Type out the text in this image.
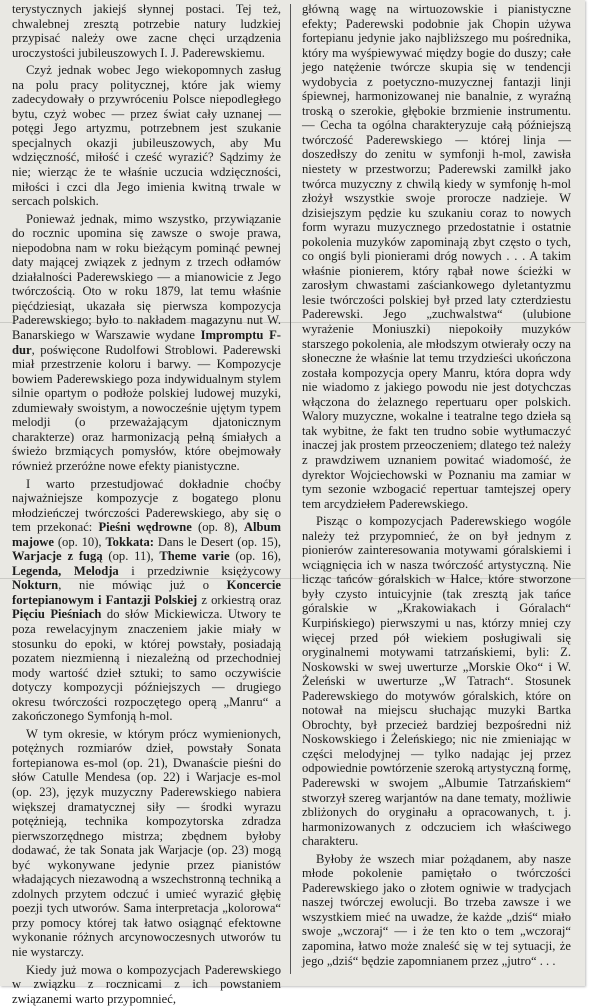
terystycznych jakiejś słynnej postaci. Tej też, chwalebnej zresztą potrzebie natury ludzkiej przypisać należy owe zacne chęci urządzenia uroczystości jubileuszowych I. J. Paderewskiemu.

Czyż jednak wobec Jego wiekopomnych zasług na polu pracy politycznej, które jak wiemy zadecydowały o przywróceniu Polsce niepodległego bytu, czyż wobec — przez świat cały uznanej — potęgi Jego artyzmu, potrzebnem jest szukanie specjalnych okazji jubileuszowych, aby Mu wdzięczność, miłość i cześć wyrazić? Sądzimy że nie; wierząc że te właśnie uczucia wdzięczności, miłości i czci dla Jego imienia kwitną trwale w sercach polskich.

Ponieważ jednak, mimo wszystko, przywiązanie do rocznic upomina się zawsze o swoje prawa, niepodobna nam w roku bieżącym pominąć pewnej daty mającej związek z jednym z trzech odłamów działalności Paderewskiego — a mianowicie z Jego twórczością. Oto w roku 1879, lat temu właśnie pięćdziesiąt, ukazała się pierwsza kompozycja Paderewskiego; było to nakładem magazynu nut W. Banarskiego w Warszawie wydane Impromptu F-dur, poświęcone Rudolfowi Stroblowi. Paderewski miał przestrzenie koloru i barwy. — Kompozycje bowiem Paderewskiego poza indywidualnym stylem silnie opartym o podłoże polskiej ludowej muzyki, zdumiewały swoistym, a nowocześnie ujętym typem melodji (o przeważającym djatonicznym charakterze) oraz harmonizacją pełną śmiałych a świeżo brzmiących pomysłów, które obejmowały również przeróżne nowe efekty pianistyczne.

I warto przestudjować dokładnie choćby najważniejsze kompozycje z bogatego plonu młodzieńczej twórczości Paderewskiego, aby się o tem przekonać: Pieśni wędrowne (op. 8), Album majowe (op. 10), Tokkata: Dans le Desert (op. 15), Warjacje z fugą (op. 11), Theme varie (op. 16), Legenda, Melodja i przedziwnie księżycowy Nokturn, nie mówiąc już o Koncercie fortepianowym i Fantazji Polskiej z orkiestrą oraz Pięciu Pieśniach do słów Mickiewicza. Utwory te poza rewelacyjnym znaczeniem jakie miały w stosunku do epoki, w której powstały, posiadają pozatem niezmienną i niezależną od przechodniej mody wartość dzieł sztuki; to samo oczywiście dotyczy kompozycji późniejszych — drugiego okresu twórczości rozpoczętego operą „Manru“ a zakończonego Symfonją h-mol.

W tym okresie, w którym prócz wymienionych, potężnych rozmiarów dzieł, powstały Sonata fortepianowa es-mol (op. 21), Dwanaście pieśni do słów Catulle Mendesa (op. 22) i Warjacje es-mol (op. 23), język muzyczny Paderewskiego nabiera większej dramatycznej siły — środki wyrazu potężnieją, technika kompozytorska zdradza pierwszorzędnego mistrza; zbędnem byłoby dodawać, że tak Sonata jak Warjacje (op. 23) mogą być wykonywane jedynie przez pianistów władających niezawodną a wszechstronną techniką a zdolnych przytem odczuć i umieć wyrazić głębię poezji tych utworów. Sama interpretacja „kolorowa“ przy pomocy której tak łatwo osiągnąć efektowne wykonanie różnych arcynowoczesnych utworów tu nie wystarczy.

Kiedy już mowa o kompozycjach Paderewskiego w związku z rocznicami z ich powstaniem związanemi warto przypomnieć,

główną wagę na wirtuozowskie i pianistyczne efekty; Paderewski podobnie jak Chopin używa fortepianu jedynie jako najbliższego mu pośrednika, który ma wyśpiewywać między bogie do duszy; całe jego natężenie twórcze skupia się w tendencji wydobycia z poetyczno-muzycznej fantazji linji śpiewnej, harmonizowanej nie banalnie, z wyraźną troską o szerokie, głębokie brzmienie instrumentu. — Cecha ta ogólna charakteryzuje całą późniejszą twórczość Paderewskiego — której linja — doszedłszy do zenitu w symfonji h-mol, zawisła niestety w przestworzu; Paderewski zamilkł jako twórca muzyczny z chwilą kiedy w symfonję h-mol złożył wszystkie swoje prorocze nadzieje. W dzisiejszym pędzie ku szukaniu coraz to nowych form wyrazu muzycznego przedostatnie i ostatnie pokolenia muzyków zapominają zbyt często o tych, co ongiś byli pionierami dróg nowych . . . A takim właśnie pionierem, który rąbał nowe ścieżki w zarosłym chwastami zaściankowego dyletantyzmu lesie twórczości polskiej był przed laty czterdziestu Paderewski. Jego „zuchwalstwa“ (ulubione wyrażenie Moniuszki) niepokoiły muzyków starszego pokolenia, ale młodszym otwierały oczy na słoneczne że właśnie lat temu trzydzieści ukończona została kompozycja opery Manru, która dopra wdy nie wiadomo z jakiego powodu nie jest dotychczas włączona do żelaznego repertuaru oper polskich. Walory muzyczne, wokalne i teatralne tego dzieła są tak wybitne, że fakt ten trudno sobie wytłumaczyć inaczej jak prostem przeoczeniem; dlatego też należy z prawdziwem uznaniem powitać wiadomość, że dyrektor Wojciechowski w Poznaniu ma zamiar w tym sezonie wzbogacić repertuar tamtejszej opery tem arcydziełem Paderewskiego.

Pisząc o kompozycjach Paderewskiego wogóle należy też przypomnieć, że on był jednym z pionierów zainteresowania motywami góralskiemi i wciągnięcia ich w nasza twórczość artystyczną. Nie licząc tańców góralskich w Halce, które stworzone były czysto intuicyjnie (tak zresztą jak tańce góralskie w „Krakowiakach i Góralach“ Kurpińskiego) pierwszymi u nas, którzy mniej czy więcej przed pół wiekiem posługiwali się oryginalnemi motywami tatrzańskiemi, byli: Z. Noskowski w swej uwerturze „Morskie Oko“ i W. Żeleński w uwerturze „W Tatrach“. Stosunek Paderewskiego do motywów góralskich, które on notował na miejscu słuchając muzyki Bartka Obrochty, był przecież bardziej bezpośredni niż Noskowskiego i Żeleńskiego; nic nie zmieniając w części melodyjnej — tylko nadając jej przez odpowiednie powtórzenie szeroką artystyczną formę, Paderewski w swojem „Albumie Tatrzańskiem“ stworzył szereg warjantów na dane tematy, możliwie zbliżonych do oryginału a opracowanych, t. j. harmonizowanych z odczuciem ich właściwego charakteru.

Byłoby że wszech miar pożądanem, aby nasze młode pokolenie pamiętało o twórczości Paderewskiego jako o złotem ogniwie w tradycjach naszej twórczej ewolucji. Bo trzeba zawsze i we wszystkiem mieć na uwadze, że każde „dziś“ miało swoje „wczoraj“ — i że ten kto o tem „wczoraj“ zapomina, łatwo może znaleść się w tej sytuacji, że jego „dziś“ będzie zapomnianem przez „jutro“ . . .
